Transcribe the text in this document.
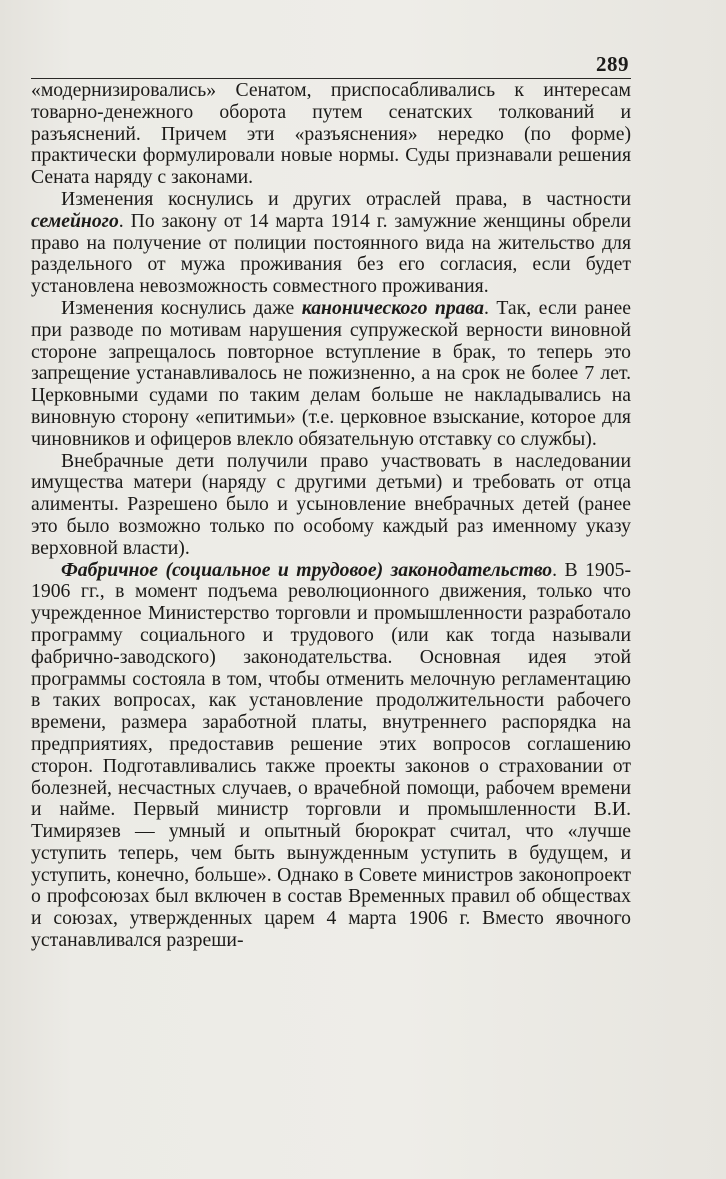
289

«модернизировались» Сенатом, приспосабливались к интересам товарно-денежного оборота путем сенатских толкований и разъяснений. Причем эти «разъяснения» нередко (по форме) практически формулировали новые нормы. Суды признавали решения Сената наряду с законами.

Изменения коснулись и других отраслей права, в частности семейного. По закону от 14 марта 1914 г. замужние женщины обрели право на получение от полиции постоянного вида на жительство для раздельного от мужа проживания без его согласия, если будет установлена невозможность совместного проживания.

Изменения коснулись даже канонического права. Так, если ранее при разводе по мотивам нарушения супружеской верности виновной стороне запрещалось повторное вступление в брак, то теперь это запрещение устанавливалось не пожизненно, а на срок не более 7 лет. Церковными судами по таким делам больше не накладывались на виновную сторону «епитимьи» (т.е. церковное взыскание, которое для чиновников и офицеров влекло обязательную отставку со службы).

Внебрачные дети получили право участвовать в наследовании имущества матери (наряду с другими детьми) и требовать от отца алименты. Разрешено было и усыновление внебрачных детей (ранее это было возможно только по особому каждый раз именному указу верховной власти).

Фабричное (социальное и трудовое) законодательство. В 1905-1906 гг., в момент подъема революционного движения, только что учрежденное Министерство торговли и промышленности разработало программу социального и трудового (или как тогда называли фабрично-заводского) законодательства. Основная идея этой программы состояла в том, чтобы отменить мелочную регламентацию в таких вопросах, как установление продолжительности рабочего времени, размера заработной платы, внутреннего распорядка на предприятиях, предоставив решение этих вопросов соглашению сторон. Подготавливались также проекты законов о страховании от болезней, несчастных случаев, о врачебной помощи, рабочем времени и найме. Первый министр торговли и промышленности В.И. Тимирязев — умный и опытный бюрократ считал, что «лучше уступить теперь, чем быть вынужденным уступить в будущем, и уступить, конечно, больше». Однако в Совете министров законопроект о профсоюзах был включен в состав Временных правил об обществах и союзах, утвержденных царем 4 марта 1906 г. Вместо явочного устанавливался разреши-
